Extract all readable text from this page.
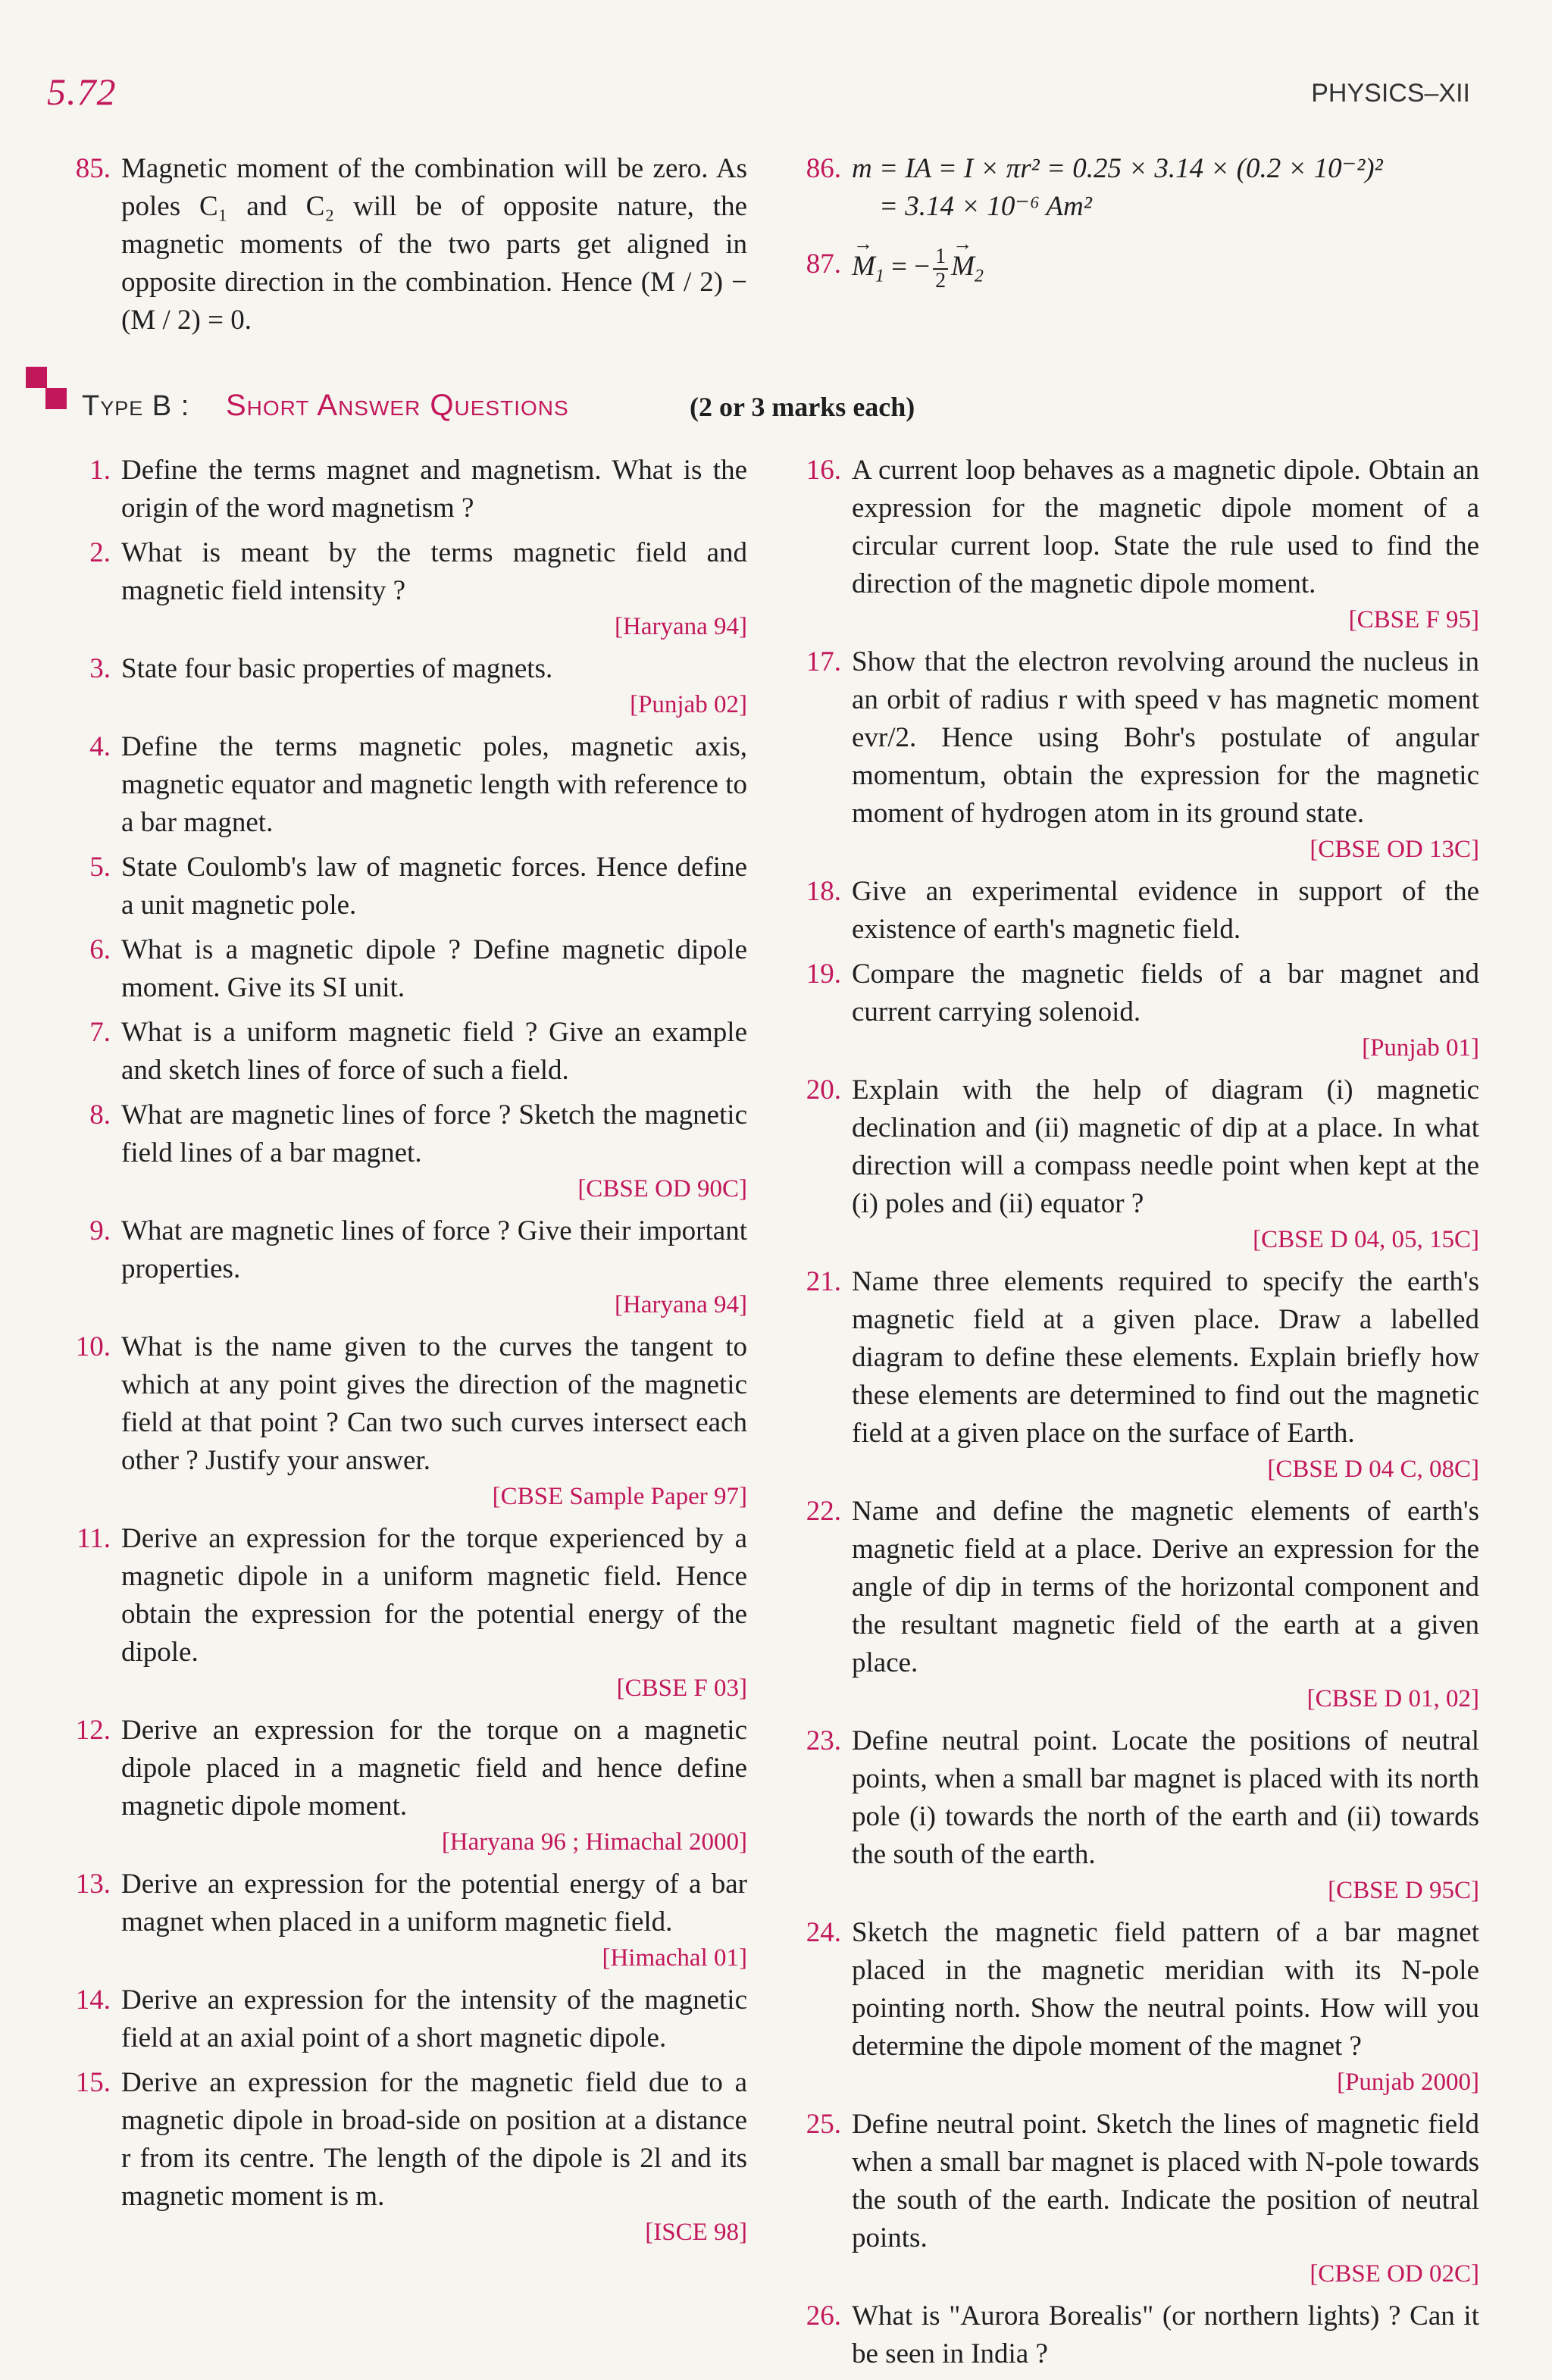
5.72	PHYSICS–XII
85. Magnetic moment of the combination will be zero. As poles C₁ and C₂ will be of opposite nature, the magnetic moments of the two parts get aligned in opposite direction in the combination. Hence (M / 2) − (M / 2) = 0.
86. m = IA = I × πr² = 0.25 × 3.14 × (0.2 × 10⁻²)²
= 3.14 × 10⁻⁶ Am²
87.
→ $M_1$ = − $\frac{1}{2}$
→ $M_2$
Type B : Short Answer Questions	(2 or 3 marks each)
1. Define the terms magnet and magnetism. What is the origin of the word magnetism ?
2. What is meant by the terms magnetic field and magnetic field intensity ?
[Haryana 94]
3. State four basic properties of magnets.
[Punjab 02]
4. Define the terms magnetic poles, magnetic axis, magnetic equator and magnetic length with reference to a bar magnet.
5. State Coulomb's law of magnetic forces. Hence define a unit magnetic pole.
6. What is a magnetic dipole ? Define magnetic dipole moment. Give its SI unit.
7. What is a uniform magnetic field ? Give an example and sketch lines of force of such a field.
8. What are magnetic lines of force ? Sketch the magnetic field lines of a bar magnet.
[CBSE OD 90C]
9. What are magnetic lines of force ? Give their important properties.
[Haryana 94]
10. What is the name given to the curves the tangent to which at any point gives the direction of the magnetic field at that point ? Can two such curves intersect each other ? Justify your answer.
[CBSE Sample Paper 97]
11. Derive an expression for the torque experienced by a magnetic dipole in a uniform magnetic field. Hence obtain the expression for the potential energy of the dipole.
[CBSE F 03]
12. Derive an expression for the torque on a magnetic dipole placed in a magnetic field and hence define magnetic dipole moment.
[Haryana 96 ; Himachal 2000]
13. Derive an expression for the potential energy of a bar magnet when placed in a uniform magnetic field.
[Himachal 01]
14. Derive an expression for the intensity of the magnetic field at an axial point of a short magnetic dipole.
15. Derive an expression for the magnetic field due to a magnetic dipole in broad-side on position at a distance r from its centre. The length of the dipole is 2l and its magnetic moment is m.
[ISCE 98]
16. A current loop behaves as a magnetic dipole. Obtain an expression for the magnetic dipole moment of a circular current loop. State the rule used to find the direction of the magnetic dipole moment.
[CBSE F 95]
17. Show that the electron revolving around the nucleus in an orbit of radius r with speed v has magnetic moment evr/2. Hence using Bohr's postulate of angular momentum, obtain the expression for the magnetic moment of hydrogen atom in its ground state.
[CBSE OD 13C]
18. Give an experimental evidence in support of the existence of earth's magnetic field.
19. Compare the magnetic fields of a bar magnet and current carrying solenoid.
[Punjab 01]
20. Explain with the help of diagram (i) magnetic declination and (ii) magnetic of dip at a place. In what direction will a compass needle point when kept at the (i) poles and (ii) equator ?
[CBSE D 04, 05, 15C]
21. Name three elements required to specify the earth's magnetic field at a given place. Draw a labelled diagram to define these elements. Explain briefly how these elements are determined to find out the magnetic field at a given place on the surface of Earth.
[CBSE D 04 C, 08C]
22. Name and define the magnetic elements of earth's magnetic field at a place. Derive an expression for the angle of dip in terms of the horizontal component and the resultant magnetic field of the earth at a given place.
[CBSE D 01, 02]
23. Define neutral point. Locate the positions of neutral points, when a small bar magnet is placed with its north pole (i) towards the north of the earth and (ii) towards the south of the earth.
[CBSE D 95C]
24. Sketch the magnetic field pattern of a bar magnet placed in the magnetic meridian with its N-pole pointing north. Show the neutral points. How will you determine the dipole moment of the magnet ?
[Punjab 2000]
25. Define neutral point. Sketch the lines of magnetic field when a small bar magnet is placed with N-pole towards the south of the earth. Indicate the position of neutral points.
[CBSE OD 02C]
26. What is "Aurora Borealis" (or northern lights) ? Can it be seen in India ?
